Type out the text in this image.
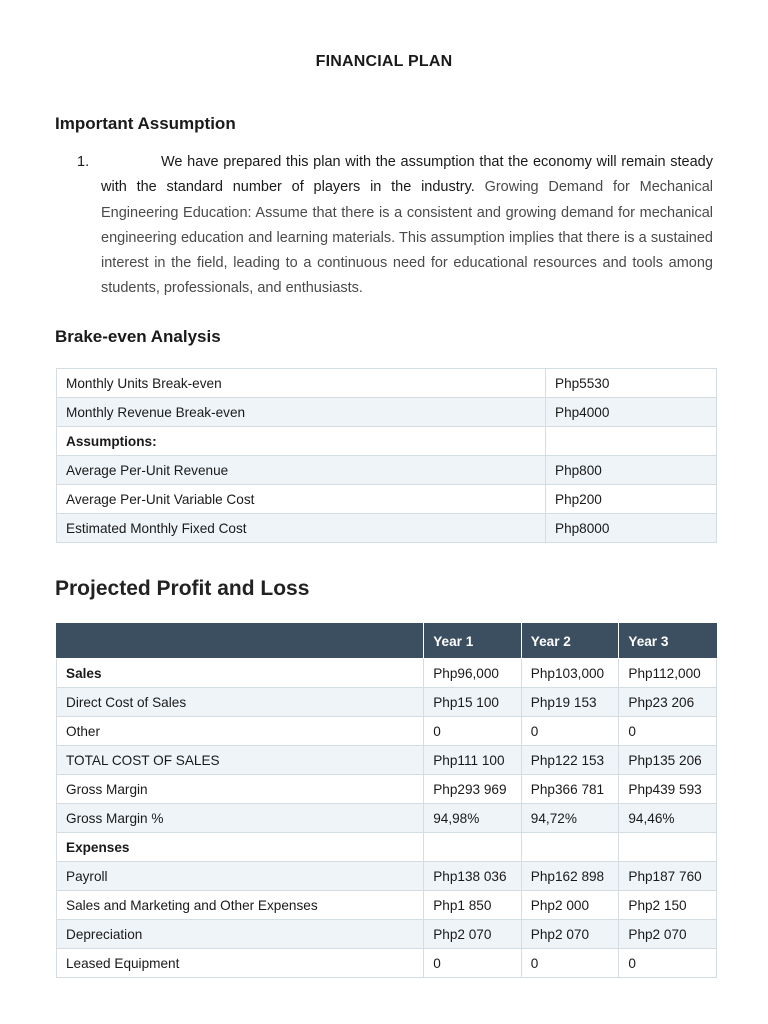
FINANCIAL PLAN
Important Assumption
1.	We have prepared this plan with the assumption that the economy will remain steady with the standard number of players in the industry. Growing Demand for Mechanical Engineering Education: Assume that there is a consistent and growing demand for mechanical engineering education and learning materials. This assumption implies that there is a sustained interest in the field, leading to a continuous need for educational resources and tools among students, professionals, and enthusiasts.

Brake-even Analysis
Monthly Units Break-even	Php5530
Monthly Revenue Break-even	Php4000
Assumptions:	
Average Per-Unit Revenue	Php800
Average Per-Unit Variable Cost	Php200
Estimated Monthly Fixed Cost	Php8000
Projected Profit and Loss
	Year 1	Year 2	Year 3
Sales	Php96,000	Php103,000	Php112,000
Direct Cost of Sales	Php15 100	Php19 153	Php23 206
Other	0	0	0
TOTAL COST OF SALES	Php111 100	Php122 153	Php135 206
Gross Margin	Php293 969	Php366 781	Php439 593
Gross Margin %	94,98%	94,72%	94,46%
Expenses			
Payroll	Php138 036	Php162 898	Php187 760
Sales and Marketing and Other Expenses	Php1 850	Php2 000	Php2 150
Depreciation	Php2 070	Php2 070	Php2 070
Leased Equipment	0	0	0
